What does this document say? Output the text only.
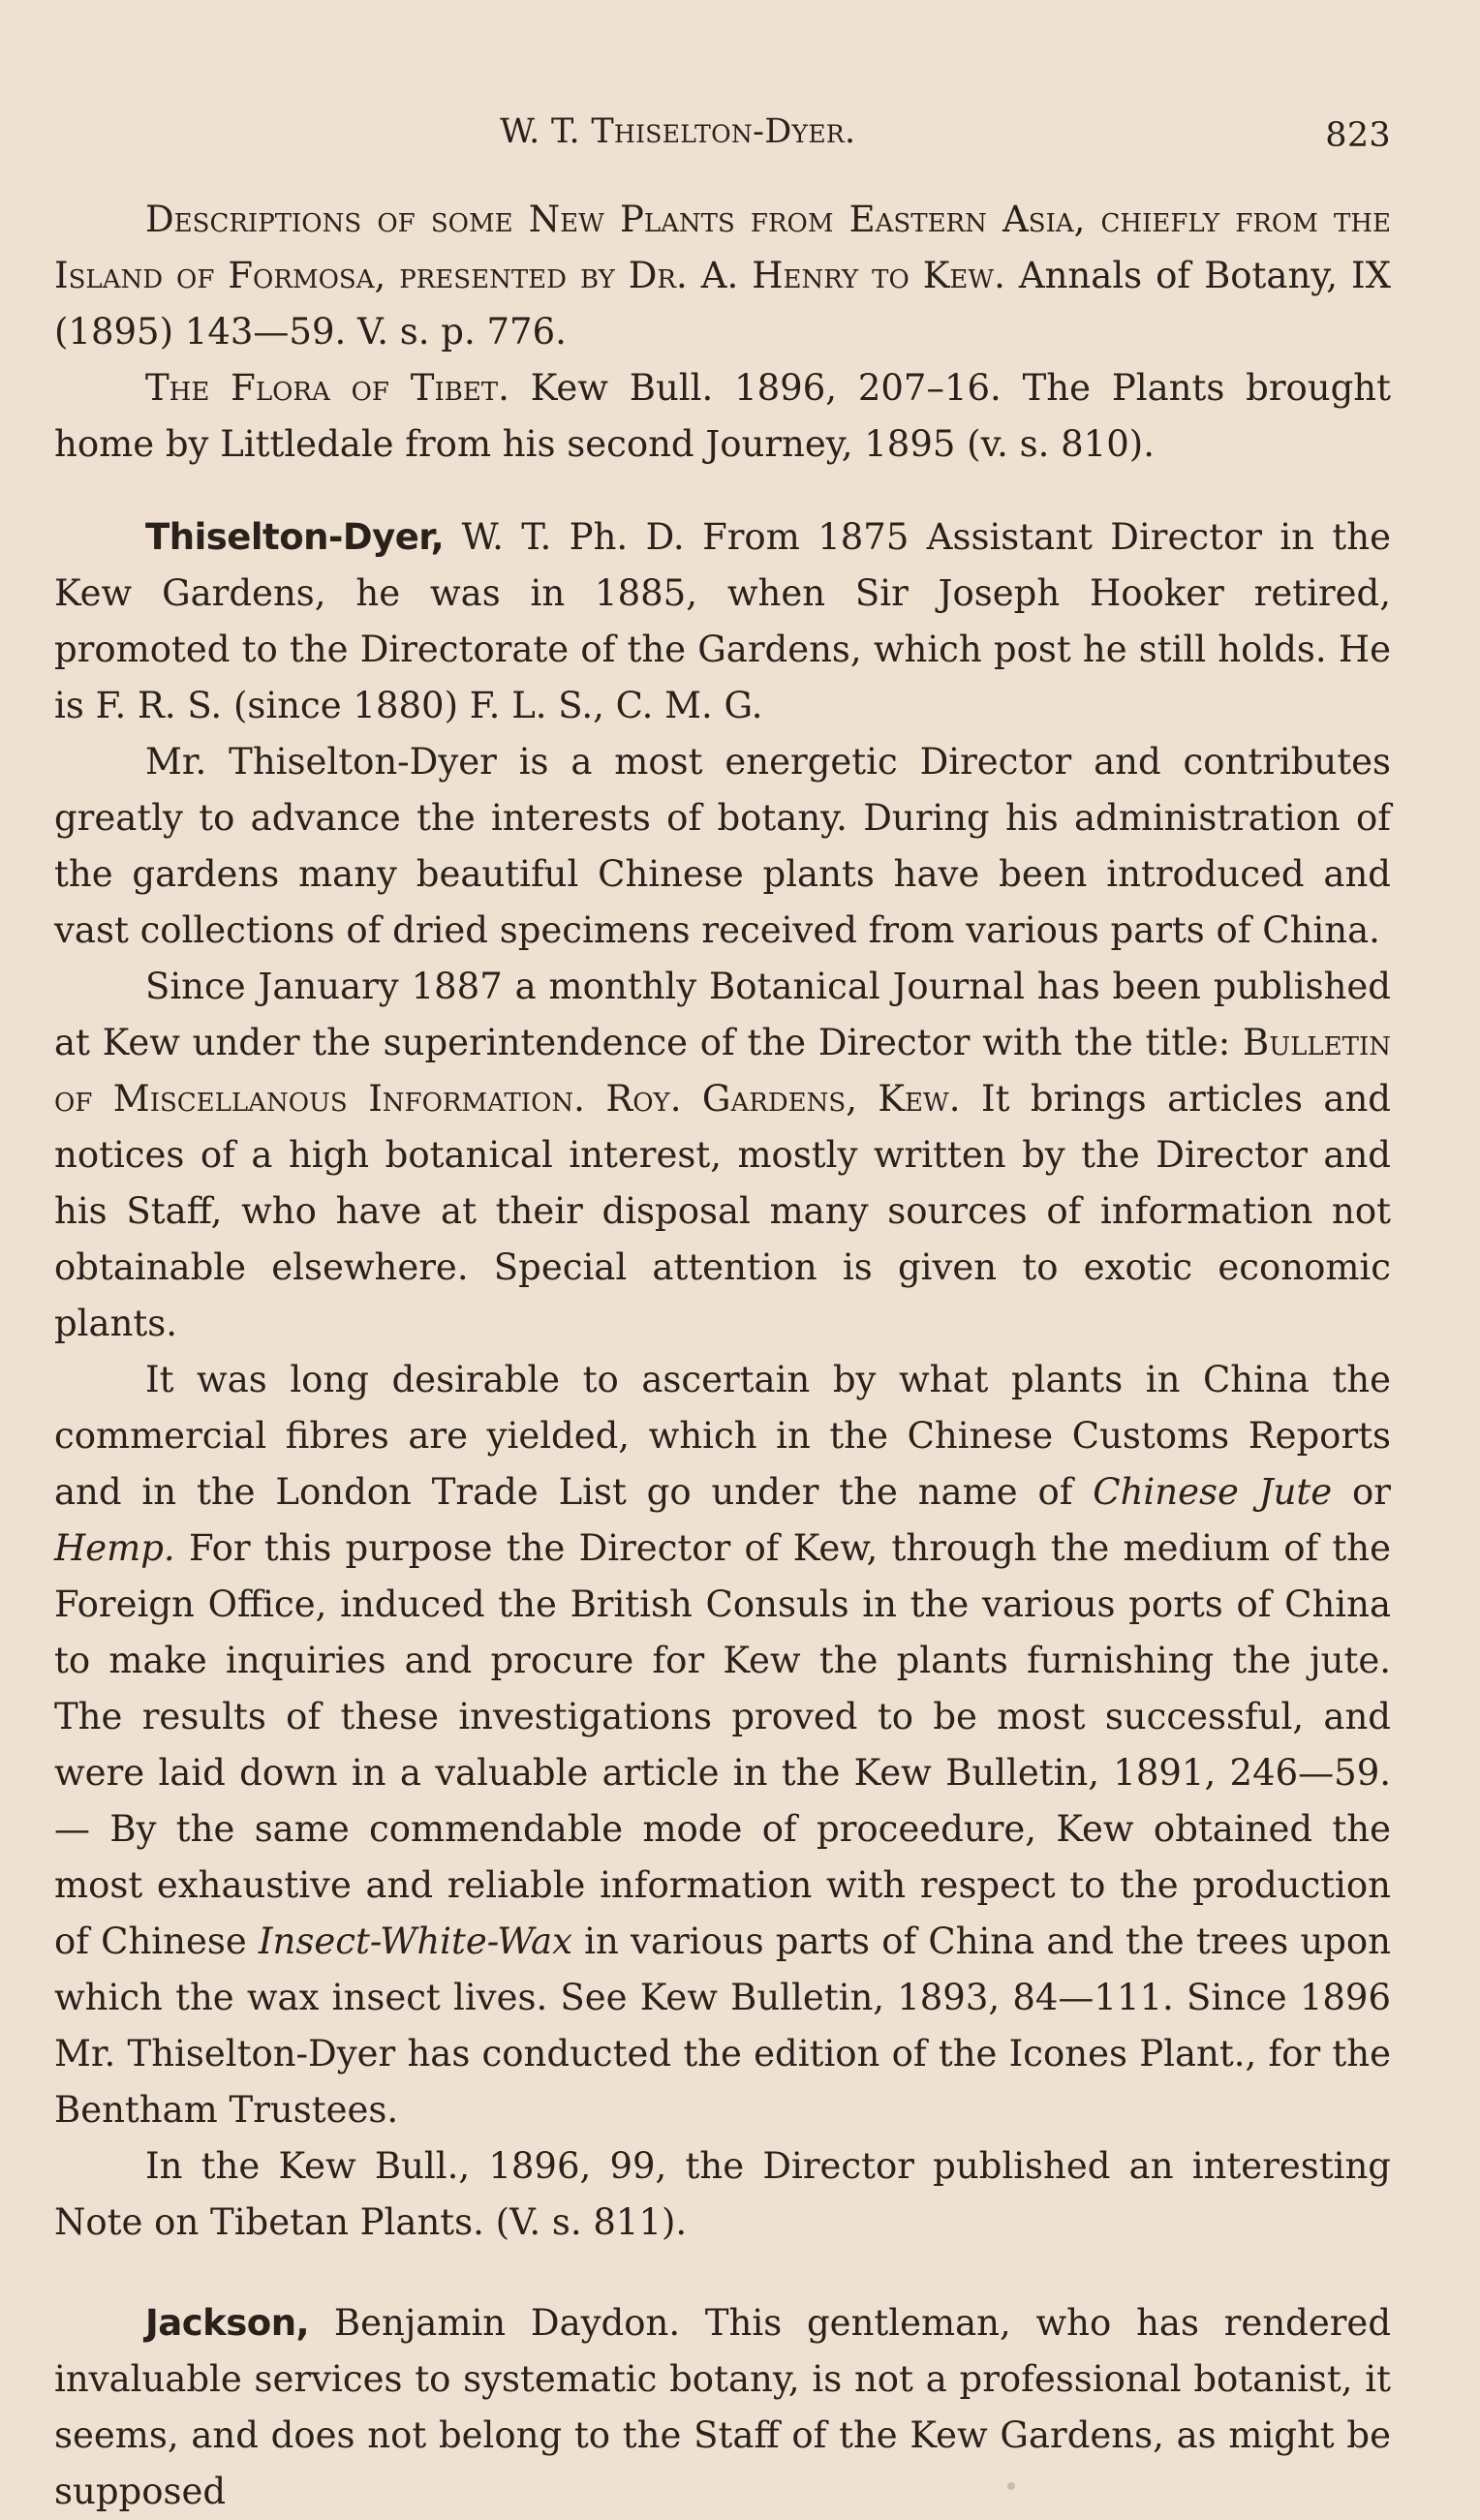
W. T. Thiselton-Dyer.	823

Descriptions of some New Plants from Eastern Asia, chiefly from the Island of Formosa, presented by Dr. A. Henry to Kew. Annals of Botany, IX (1895) 143—59. V. s. p. 776.

The Flora of Tibet. Kew Bull. 1896, 207–16. The Plants brought home by Littledale from his second Journey, 1895 (v. s. 810).

Thiselton-Dyer, W. T. Ph. D. From 1875 Assistant Director in the Kew Gardens, he was in 1885, when Sir Joseph Hooker retired, promoted to the Directorate of the Gardens, which post he still holds. He is F. R. S. (since 1880) F. L. S., C. M. G.

Mr. Thiselton-Dyer is a most energetic Director and contributes greatly to advance the interests of botany. During his administration of the gardens many beautiful Chinese plants have been introduced and vast collections of dried specimens received from various parts of China.

Since January 1887 a monthly Botanical Journal has been published at Kew under the superintendence of the Director with the title: Bulletin of Miscellanous Information. Roy. Gardens, Kew. It brings articles and notices of a high botanical interest, mostly written by the Director and his Staff, who have at their disposal many sources of information not obtainable elsewhere. Special attention is given to exotic economic plants.

It was long desirable to ascertain by what plants in China the commercial fibres are yielded, which in the Chinese Customs Reports and in the London Trade List go under the name of Chinese Jute or Hemp. For this purpose the Director of Kew, through the medium of the Foreign Office, induced the British Consuls in the various ports of China to make inquiries and procure for Kew the plants furnishing the jute. The results of these investigations proved to be most successful, and were laid down in a valuable article in the Kew Bulletin, 1891, 246—59. — By the same commendable mode of proceedure, Kew obtained the most exhaustive and reliable information with respect to the production of Chinese Insect-White-Wax in various parts of China and the trees upon which the wax insect lives. See Kew Bulletin, 1893, 84—111. Since 1896 Mr. Thiselton-Dyer has conducted the edition of the Icones Plant., for the Bentham Trustees.

In the Kew Bull., 1896, 99, the Director published an interesting Note on Tibetan Plants. (V. s. 811).

Jackson, Benjamin Daydon. This gentleman, who has rendered invaluable services to systematic botany, is not a professional botanist, it seems, and does not belong to the Staff of the Kew Gardens, as might be supposed
